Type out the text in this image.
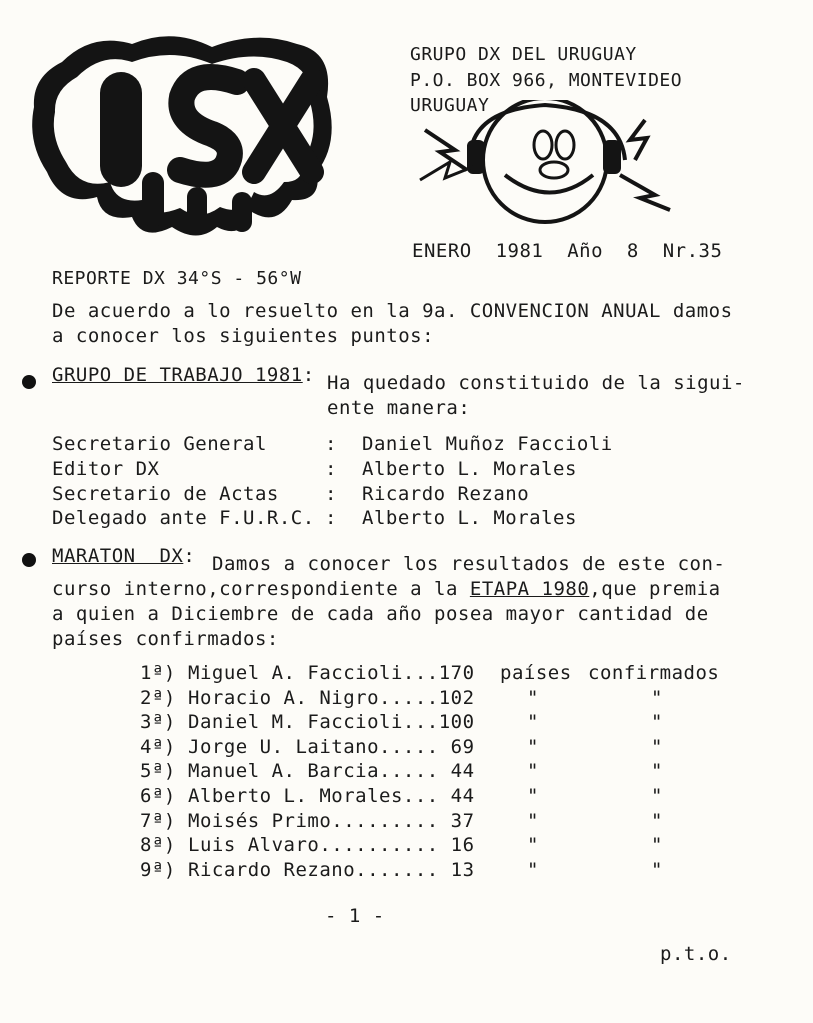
GRUPO DX DEL URUGUAY
P.O. BOX 966, MONTEVIDEO
URUGUAY
ENERO  1981  Año  8  Nr.35
REPORTE DX 34°S - 56°W
De acuerdo a lo resuelto en la 9a. CONVENCION ANUAL damos
a conocer los siguientes puntos:
GRUPO DE TRABAJO 1981: Ha quedado constituido de la sigui-
ente manera:
Secretario General	: Daniel Muñoz Faccioli
Editor DX	: Alberto L. Morales
Secretario de Actas : Ricardo Rezano
Delegado ante F.U.R.C. : Alberto L. Morales
MARATON  DX: Damos a conocer los resultados de este con-
curso interno,correspondiente a la ETAPA 1980,que premia
a quien a Diciembre de cada año posea mayor cantidad de
países confirmados:
1ª) Miguel A. Faccioli...170 países confirmados
2ª) Horacio A. Nigro.....102	"	"
3ª) Daniel M. Faccioli...100	"	"
4ª) Jorge U. Laitano..... 69	"	"
5ª) Manuel A. Barcia..... 44	"	"
6ª) Alberto L. Morales... 44	"	"
7ª) Moisés Primo......... 37	"	"
8ª) Luis Alvaro.......... 16	"	"
9ª) Ricardo Rezano....... 13	"	"
- 1 -
p.t.o.
